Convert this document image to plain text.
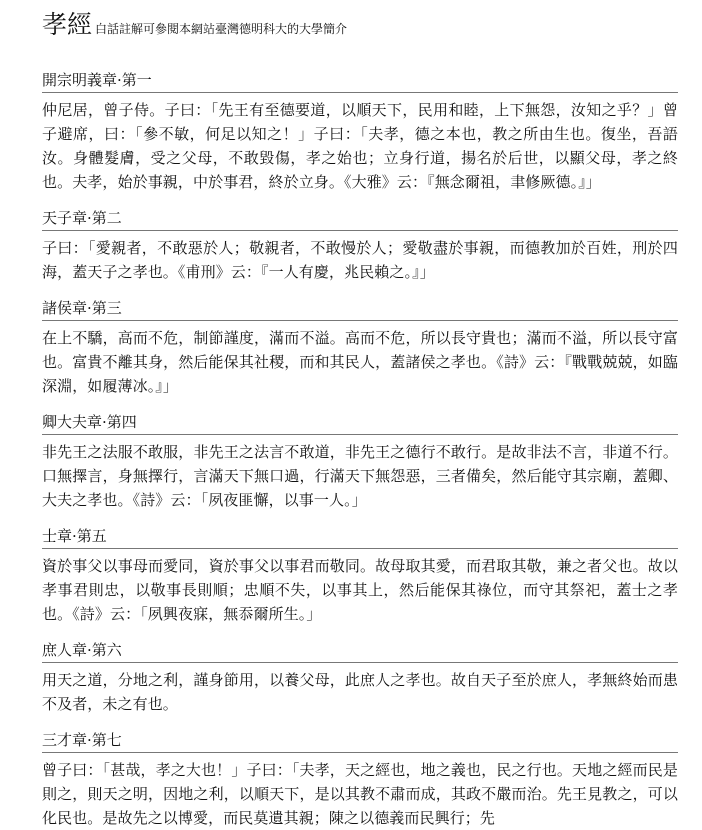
孝經 白話註解可參閱本網站臺灣德明科大的大學簡介
開宗明義章·第一

仲尼居，曾子侍。子曰：「先王有至德要道，以順天下，民用和睦，上下無怨，汝知之乎？」曾子避席，曰：「參不敏，何足以知之！」子曰：「夫孝，德之本也，教之所由生也。復坐，吾語汝。身體髮膚，受之父母，不敢毀傷，孝之始也；立身行道，揚名於后世，以顯父母，孝之終也。夫孝，始於事親，中於事君，終於立身。《大雅》云：『無念爾祖，聿修厥德。』」

天子章·第二

子曰：「愛親者，不敢惡於人；敬親者，不敢慢於人；愛敬盡於事親，而德教加於百姓，刑於四海，蓋天子之孝也。《甫刑》云：『一人有慶，兆民賴之。』」

諸侯章·第三

在上不驕，高而不危，制節謹度，滿而不溢。高而不危，所以長守貴也；滿而不溢，所以長守富也。富貴不離其身，然后能保其社稷，而和其民人，蓋諸侯之孝也。《詩》云：『戰戰兢兢，如臨深淵，如履薄冰。』」

卿大夫章·第四

非先王之法服不敢服，非先王之法言不敢道，非先王之德行不敢行。是故非法不言，非道不行。口無擇言，身無擇行，言滿天下無口過，行滿天下無怨惡，三者備矣，然后能守其宗廟，蓋卿、大夫之孝也。《詩》云：「夙夜匪懈，以事一人。」

士章·第五

資於事父以事母而愛同，資於事父以事君而敬同。故母取其愛，而君取其敬，兼之者父也。故以孝事君則忠，以敬事長則順；忠順不失，以事其上，然后能保其祿位，而守其祭祀，蓋士之孝也。《詩》云：「夙興夜寐，無忝爾所生。」

庶人章·第六

用天之道，分地之利，謹身節用，以養父母，此庶人之孝也。故自天子至於庶人，孝無終始而患不及者，未之有也。

三才章·第七

曾子曰：「甚哉，孝之大也！」子曰：「夫孝，天之經也，地之義也，民之行也。天地之經而民是則之，則天之明，因地之利，以順天下，是以其教不肅而成，其政不嚴而治。先王見教之，可以化民也。是故先之以博愛，而民莫遺其親；陳之以德義而民興行；先
